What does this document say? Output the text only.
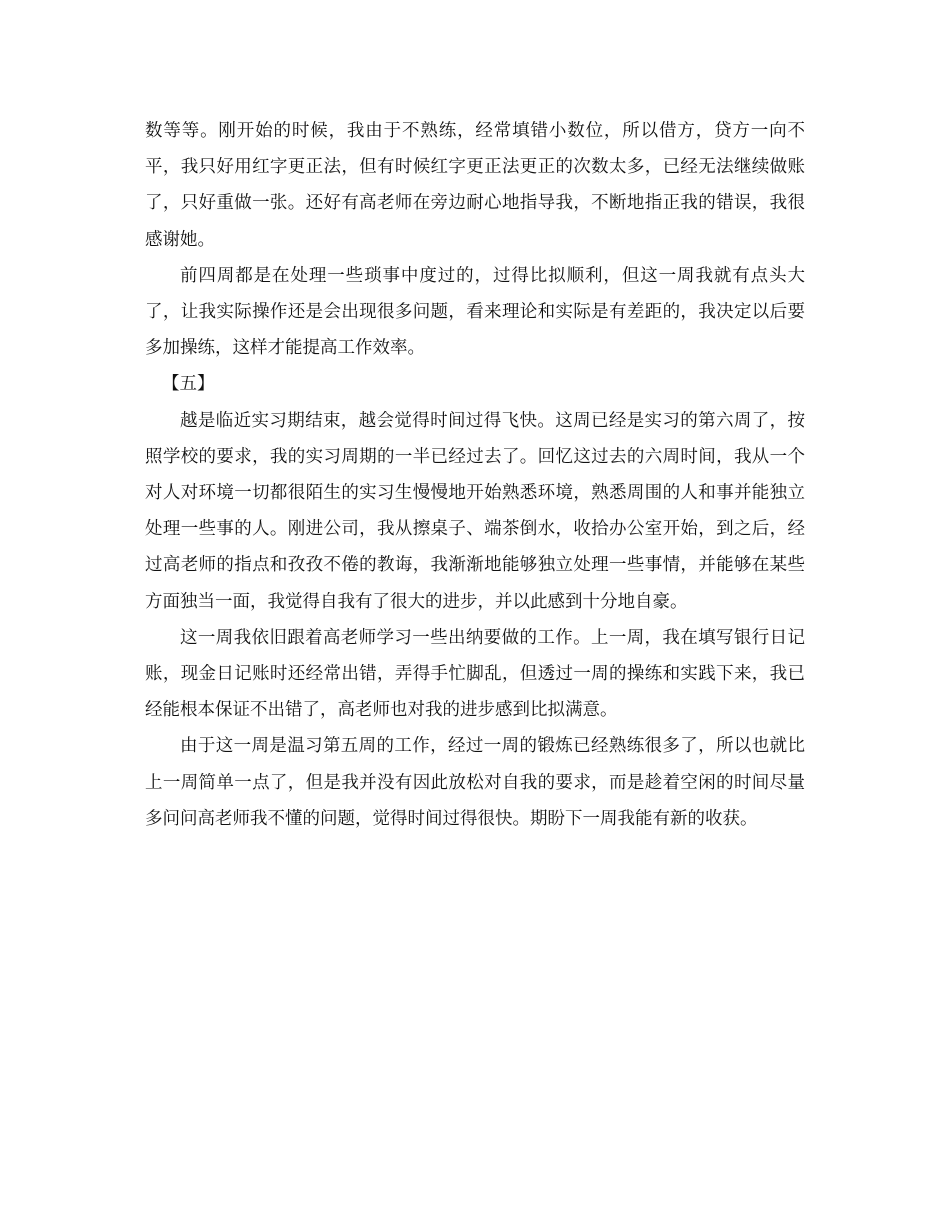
数等等。刚开始的时候，我由于不熟练，经常填错小数位，所以借方，贷方一向不平，我只好用红字更正法，但有时候红字更正法更正的次数太多，已经无法继续做账了，只好重做一张。还好有高老师在旁边耐心地指导我，不断地指正我的错误，我很感谢她。

前四周都是在处理一些琐事中度过的，过得比拟顺利，但这一周我就有点头大了，让我实际操作还是会出现很多问题，看来理论和实际是有差距的，我决定以后要多加操练，这样才能提高工作效率。

【五】

越是临近实习期结束，越会觉得时间过得飞快。这周已经是实习的第六周了，按照学校的要求，我的实习周期的一半已经过去了。回忆这过去的六周时间，我从一个对人对环境一切都很陌生的实习生慢慢地开始熟悉环境，熟悉周围的人和事并能独立处理一些事的人。刚进公司，我从擦桌子、端茶倒水，收拾办公室开始，到之后，经过高老师的指点和孜孜不倦的教诲，我渐渐地能够独立处理一些事情，并能够在某些方面独当一面，我觉得自我有了很大的进步，并以此感到十分地自豪。

这一周我依旧跟着高老师学习一些出纳要做的工作。上一周，我在填写银行日记账，现金日记账时还经常出错，弄得手忙脚乱，但透过一周的操练和实践下来，我已经能根本保证不出错了，高老师也对我的进步感到比拟满意。

由于这一周是温习第五周的工作，经过一周的锻炼已经熟练很多了，所以也就比上一周简单一点了，但是我并没有因此放松对自我的要求，而是趁着空闲的时间尽量多问问高老师我不懂的问题，觉得时间过得很快。期盼下一周我能有新的收获。
